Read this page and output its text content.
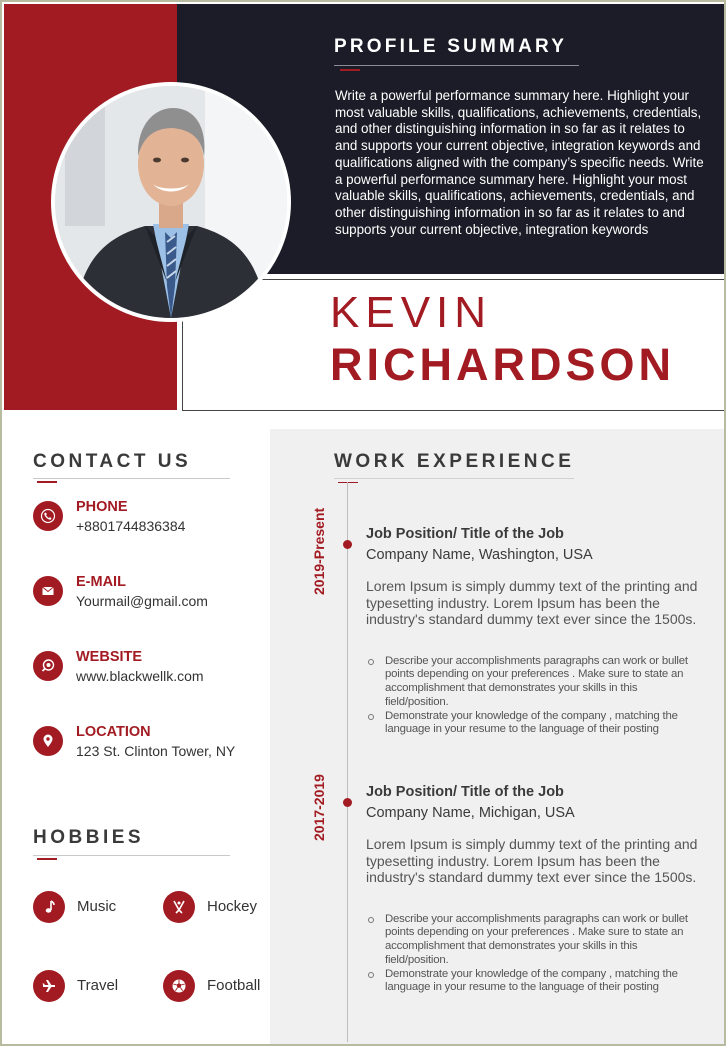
PROFILE SUMMARY
Write a powerful performance summary here. Highlight your most valuable skills, qualifications, achievements, credentials, and other distinguishing information in so far as it relates to and supports your current objective, integration keywords and qualifications aligned with the company’s specific needs. Write a powerful performance summary here. Highlight your most valuable skills, qualifications, achievements, credentials, and other distinguishing information in so far as it relates to and supports your current objective, integration keywords
KEVIN
RICHARDSON
CONTACT US
PHONE
+8801744836384
E-MAIL
Yourmail@gmail.com
WEBSITE
www.blackwellk.com
LOCATION
123 St. Clinton Tower, NY
HOBBIES
Music	Hockey
Travel	Football
WORK EXPERIENCE
2019-Present	Job Position/ Title of the Job
Company Name, Washington, USA
Lorem Ipsum is simply dummy text of the printing and typesetting industry. Lorem Ipsum has been the industry's standard dummy text ever since the 1500s.
Describe your accomplishments paragraphs can work or bullet points depending on your preferences . Make sure to state an accomplishment that demonstrates your skills in this field/position.
Demonstrate your knowledge of the company , matching the language in your resume to the language of their posting
2017-2019	Job Position/ Title of the Job
Company Name, Michigan, USA
Lorem Ipsum is simply dummy text of the printing and typesetting industry. Lorem Ipsum has been the industry's standard dummy text ever since the 1500s.
Describe your accomplishments paragraphs can work or bullet points depending on your preferences . Make sure to state an accomplishment that demonstrates your skills in this field/position.
Demonstrate your knowledge of the company , matching the language in your resume to the language of their posting
